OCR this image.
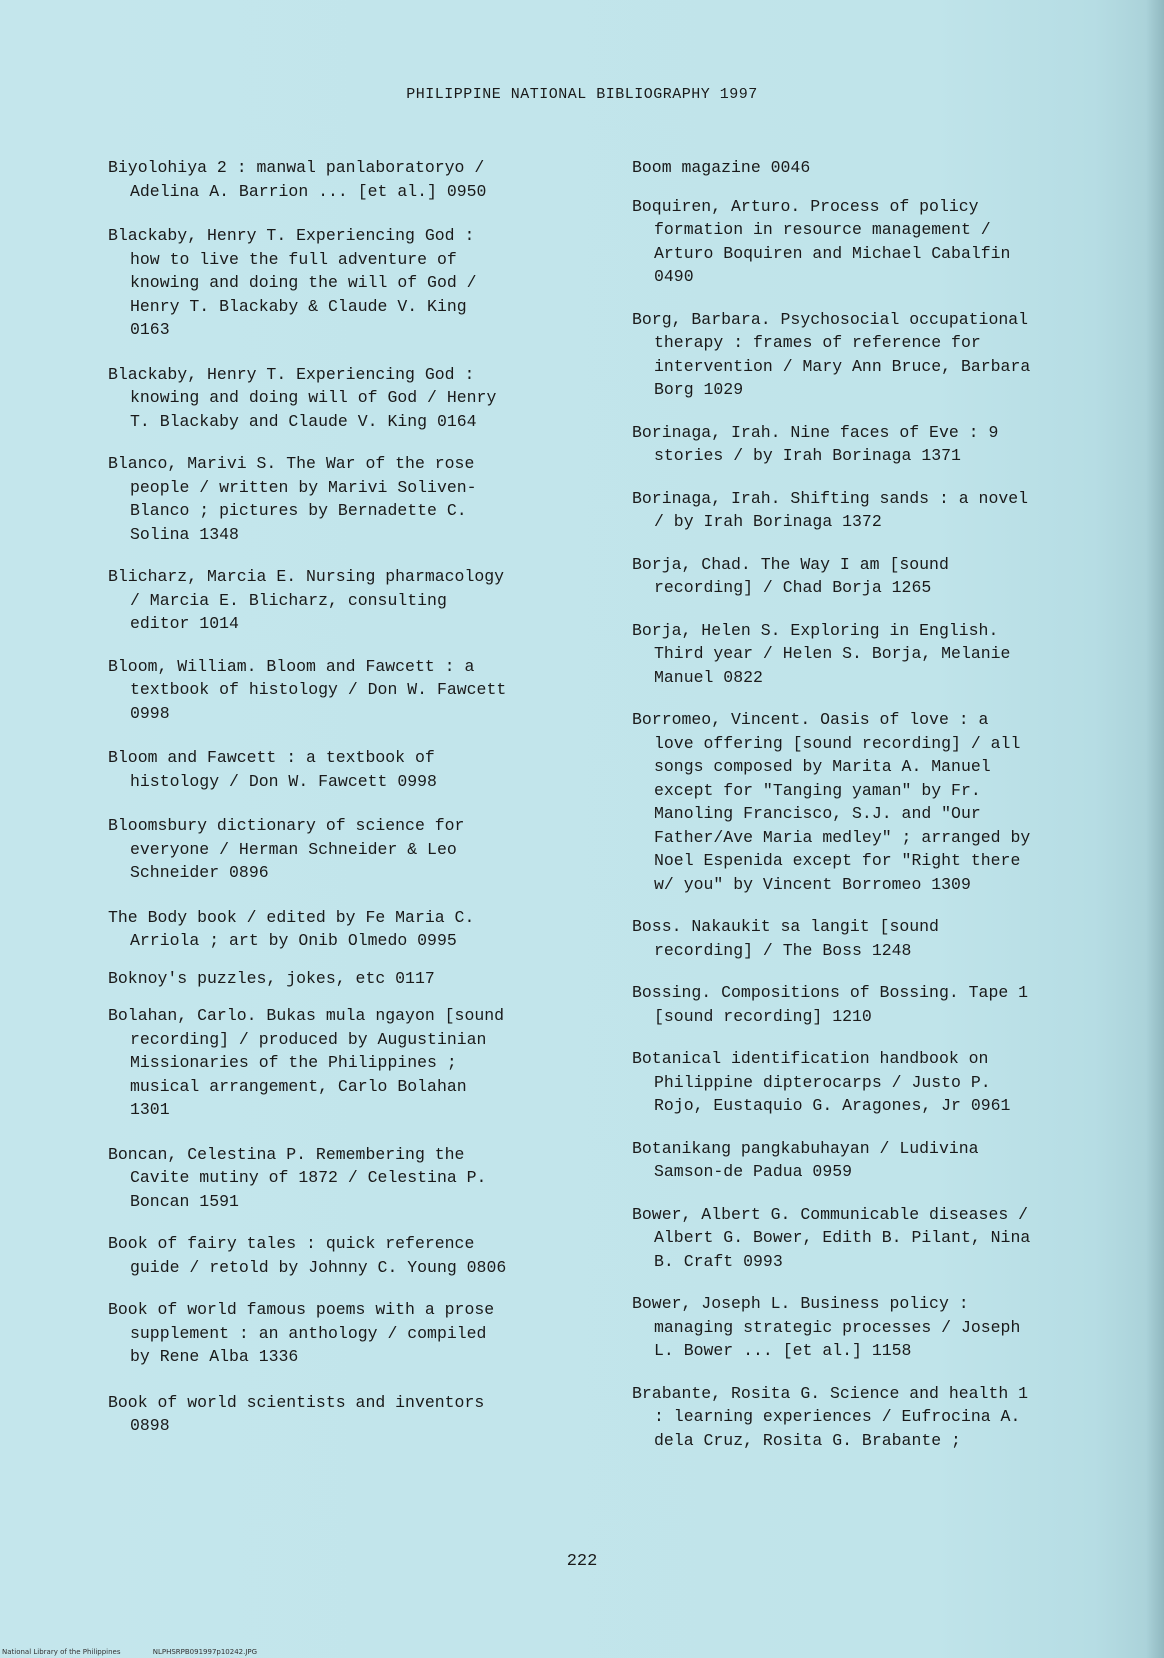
PHILIPPINE NATIONAL BIBLIOGRAPHY 1997

Biyolohiya 2 : manwal panlaboratoryo /
Adelina A. Barrion ... [et al.] 0950

Blackaby, Henry T. Experiencing God :
how to live the full adventure of
knowing and doing the will of God /
Henry T. Blackaby & Claude V. King
0163

Blackaby, Henry T. Experiencing God :
knowing and doing will of God / Henry
T. Blackaby and Claude V. King 0164

Blanco, Marivi S. The War of the rose
people / written by Marivi Soliven-
Blanco ; pictures by Bernadette C.
Solina 1348

Blicharz, Marcia E. Nursing pharmacology
/ Marcia E. Blicharz, consulting
editor 1014

Bloom, William. Bloom and Fawcett : a
textbook of histology / Don W. Fawcett
0998

Bloom and Fawcett : a textbook of
histology / Don W. Fawcett 0998

Bloomsbury dictionary of science for
everyone / Herman Schneider & Leo
Schneider 0896

The Body book / edited by Fe Maria C.
Arriola ; art by Onib Olmedo 0995

Boknoy's puzzles, jokes, etc 0117

Bolahan, Carlo. Bukas mula ngayon [sound
recording] / produced by Augustinian
Missionaries of the Philippines ;
musical arrangement, Carlo Bolahan
1301

Boncan, Celestina P. Remembering the
Cavite mutiny of 1872 / Celestina P.
Boncan 1591

Book of fairy tales : quick reference
guide / retold by Johnny C. Young 0806

Book of world famous poems with a prose
supplement : an anthology / compiled
by Rene Alba 1336

Book of world scientists and inventors
0898

Boom magazine 0046

Boquiren, Arturo. Process of policy
formation in resource management /
Arturo Boquiren and Michael Cabalfin
0490

Borg, Barbara. Psychosocial occupational
therapy : frames of reference for
intervention / Mary Ann Bruce, Barbara
Borg 1029

Borinaga, Irah. Nine faces of Eve : 9
stories / by Irah Borinaga 1371

Borinaga, Irah. Shifting sands : a novel
/ by Irah Borinaga 1372

Borja, Chad. The Way I am [sound
recording] / Chad Borja 1265

Borja, Helen S. Exploring in English.
Third year / Helen S. Borja, Melanie
Manuel 0822

Borromeo, Vincent. Oasis of love : a
love offering [sound recording] / all
songs composed by Marita A. Manuel
except for "Tanging yaman" by Fr.
Manoling Francisco, S.J. and "Our
Father/Ave Maria medley" ; arranged by
Noel Espenida except for "Right there
w/ you" by Vincent Borromeo 1309

Boss. Nakaukit sa langit [sound
recording] / The Boss 1248

Bossing. Compositions of Bossing. Tape 1
[sound recording] 1210

Botanical identification handbook on
Philippine dipterocarps / Justo P.
Rojo, Eustaquio G. Aragones, Jr 0961

Botanikang pangkabuhayan / Ludivina
Samson-de Padua 0959

Bower, Albert G. Communicable diseases /
Albert G. Bower, Edith B. Pilant, Nina
B. Craft 0993

Bower, Joseph L. Business policy :
managing strategic processes / Joseph
L. Bower ... [et al.] 1158

Brabante, Rosita G. Science and health 1
: learning experiences / Eufrocina A.
dela Cruz, Rosita G. Brabante ;

222
National Library of the Philippines	NLPHSRPB091997p10242.JPG
